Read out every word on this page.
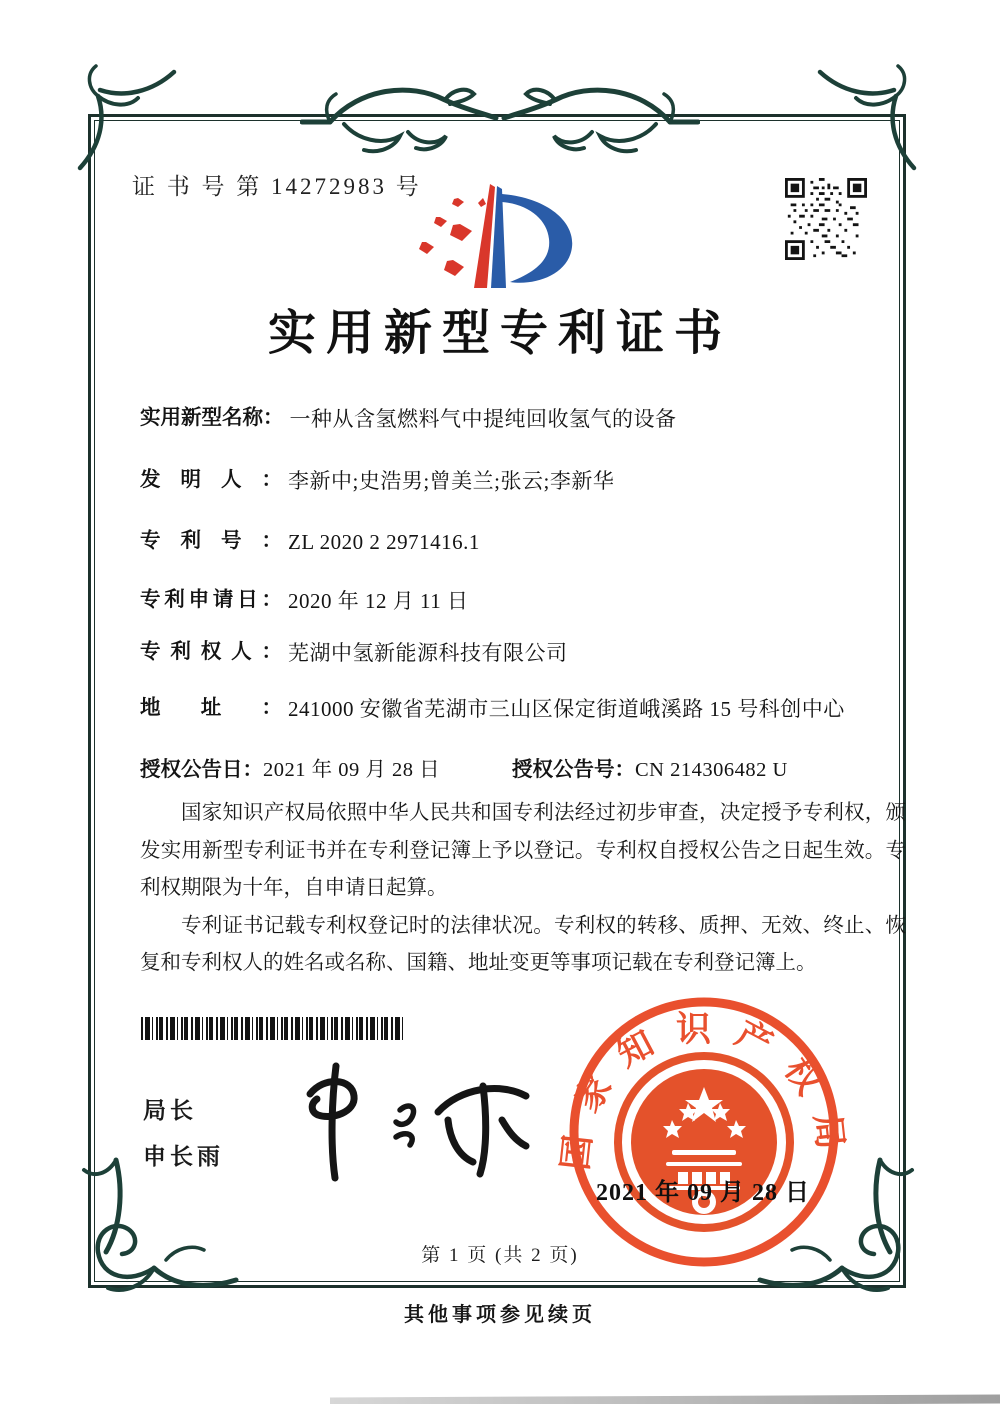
证 书 号 第 14272983 号
实用新型专利证书
实用新型名称： 一种从含氢燃料气中提纯回收氢气的设备
发明人： 李新中;史浩男;曾美兰;张云;李新华
专利号： ZL 2020 2 2971416.1
专利申请日： 2020 年 12 月 11 日
专利权人： 芜湖中氢新能源科技有限公司
地址： 241000 安徽省芜湖市三山区保定街道峨溪路 15 号科创中心
授权公告日：2021 年 09 月 28 日	授权公告号：CN 214306482 U

国家知识产权局依照中华人民共和国专利法经过初步审查，决定授予专利权，颁发实用新型专利证书并在专利登记簿上予以登记。专利权自授权公告之日起生效。专利权期限为十年，自申请日起算。

专利证书记载专利权登记时的法律状况。专利权的转移、质押、无效、终止、恢复和专利权人的姓名或名称、国籍、地址变更等事项记载在专利登记簿上。

局长
申长雨	国家知识产权局
2021 年 09 月 28 日
第 1 页 (共 2 页)
其他事项参见续页
